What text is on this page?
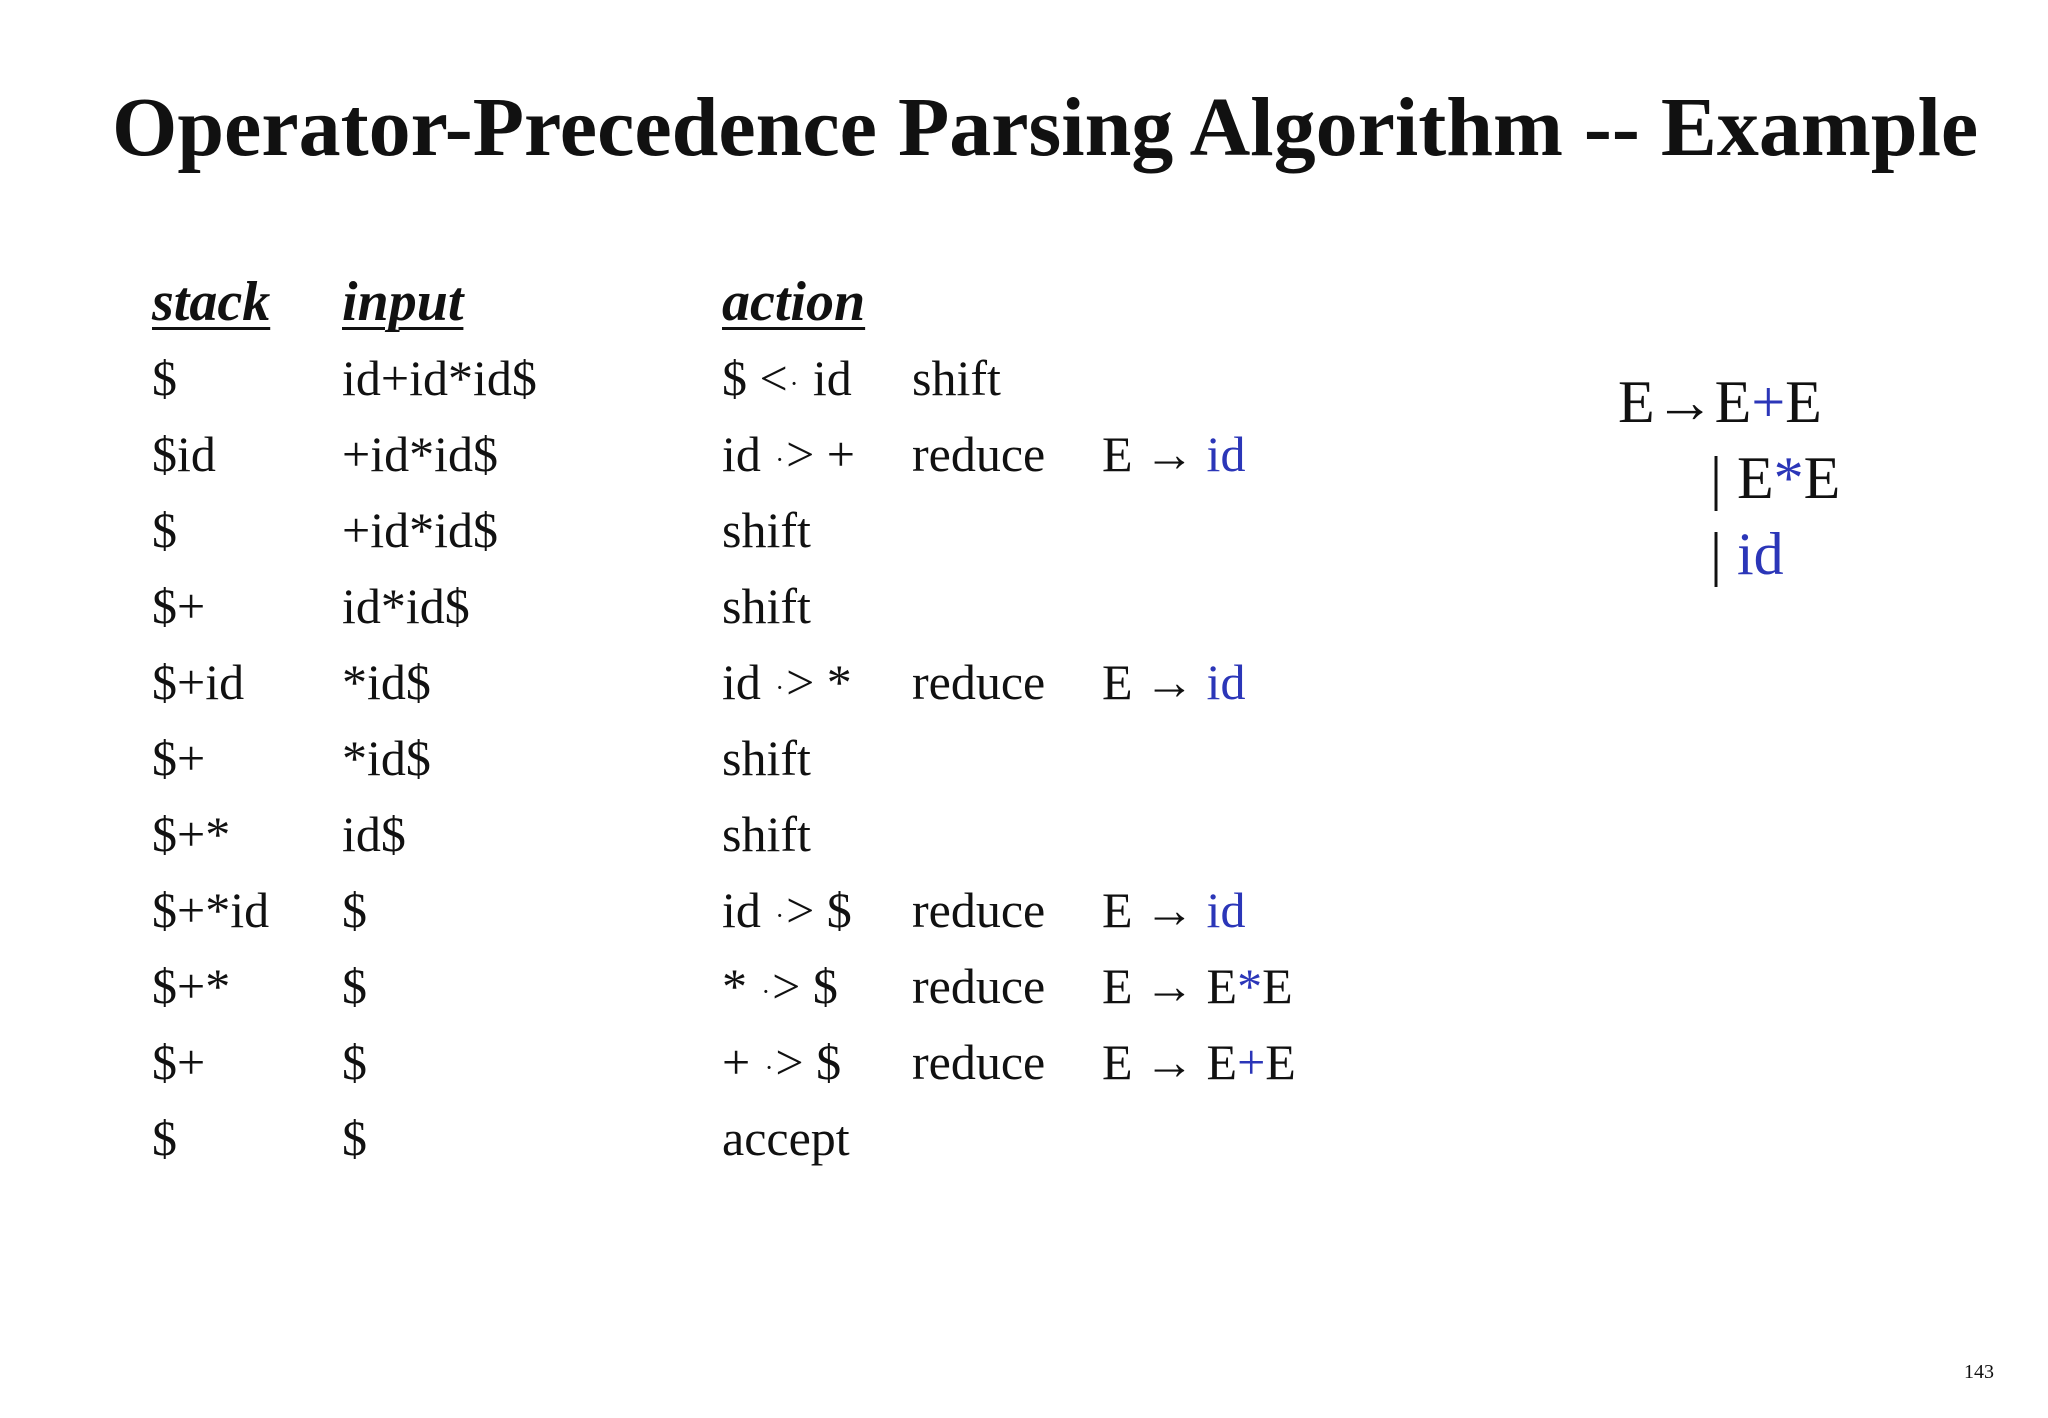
Operator-Precedence Parsing Algorithm -- Example
stack	input	action		
$	id+id*id$	$ <· id	shift	
$id	+id*id$	id ·> +	reduce	E → id
$	+id*id$	shift		
$+	id*id$	shift		
$+id	*id$	id ·> *	reduce	E → id
$+	*id$	shift		
$+*	id$	shift		
$+*id	$	id ·> $	reduce	E → id
$+*	$	* ·> $	reduce	E → E*E
$+	$	+ ·> $	reduce	E → E+E
$	$	accept		
E→E+E
| E*E
| id
143
